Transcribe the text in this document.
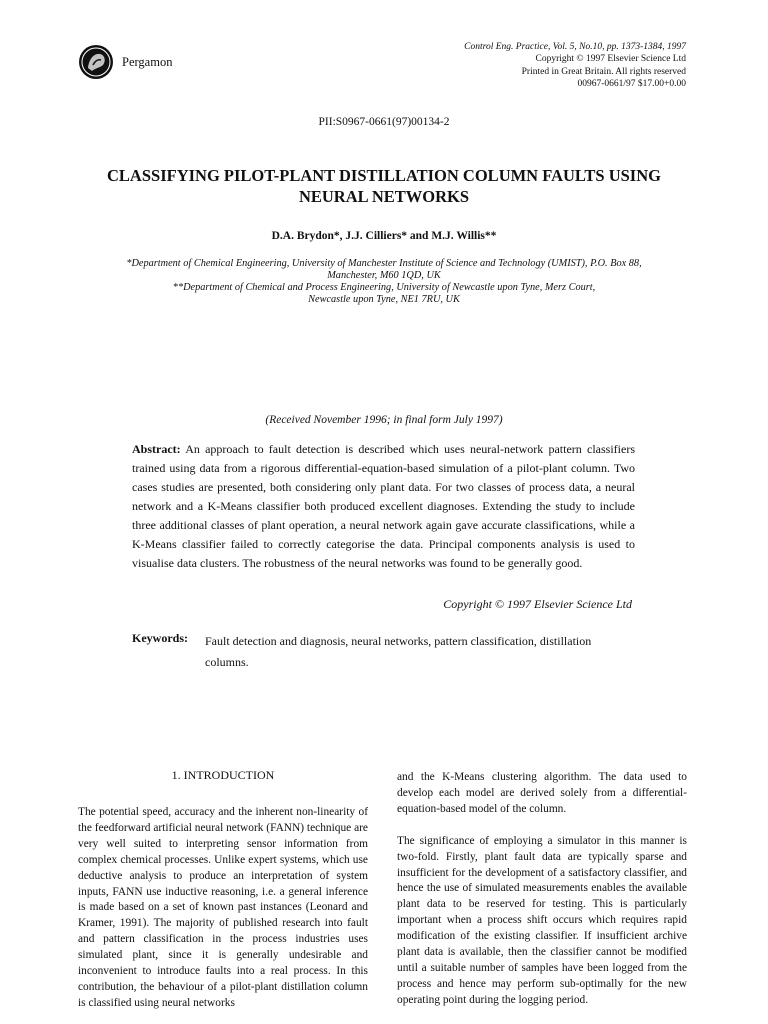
Pergamon
Control Eng. Practice, Vol. 5, No.10, pp. 1373-1384, 1997
Copyright © 1997 Elsevier Science Ltd
Printed in Great Britain. All rights reserved
00967-0661/97 $17.00+0.00
PII:S0967-0661(97)00134-2
CLASSIFYING PILOT-PLANT DISTILLATION COLUMN FAULTS USING
NEURAL NETWORKS
D.A. Brydon*, J.J. Cilliers* and M.J. Willis**
*Department of Chemical Engineering, University of Manchester Institute of Science and Technology (UMIST), P.O. Box 88,
Manchester, M60 1QD, UK
**Department of Chemical and Process Engineering, University of Newcastle upon Tyne, Merz Court,
Newcastle upon Tyne, NE1 7RU, UK
(Received November 1996; in final form July 1997)
Abstract: An approach to fault detection is described which uses neural-network pattern classifiers trained using data from a rigorous differential-equation-based simulation of a pilot-plant column. Two cases studies are presented, both considering only plant data. For two classes of process data, a neural network and a K-Means classifier both produced excellent diagnoses. Extending the study to include three additional classes of plant operation, a neural network again gave accurate classifications, while a K-Means classifier failed to correctly categorise the data. Principal components analysis is used to visualise data clusters. The robustness of the neural networks was found to be generally good.
Copyright © 1997 Elsevier Science Ltd
Keywords: Fault detection and diagnosis, neural networks, pattern classification, distillation columns.
1. INTRODUCTION

The potential speed, accuracy and the inherent non-linearity of the feedforward artificial neural network (FANN) technique are very well suited to interpreting sensor information from complex chemical processes. Unlike expert systems, which use deductive analysis to produce an interpretation of system inputs, FANN use inductive reasoning, i.e. a general inference is made based on a set of known past instances (Leonard and Kramer, 1991). The majority of published research into fault and pattern classification in the process industries uses simulated plant, since it is generally undesirable and inconvenient to introduce faults into a real process. In this contribution, the behaviour of a pilot-plant distillation column is classified using neural networks

and the K-Means clustering algorithm. The data used to develop each model are derived solely from a differential-equation-based model of the column.

The significance of employing a simulator in this manner is two-fold. Firstly, plant fault data are typically sparse and insufficient for the development of a satisfactory classifier, and hence the use of simulated measurements enables the available plant data to be reserved for testing. This is particularly important when a process shift occurs which requires rapid modification of the existing classifier. If insufficient archive plant data is available, then the classifier cannot be modified until a suitable number of samples have been logged from the process and hence may perform sub-optimally for the new operating point during the logging period.
